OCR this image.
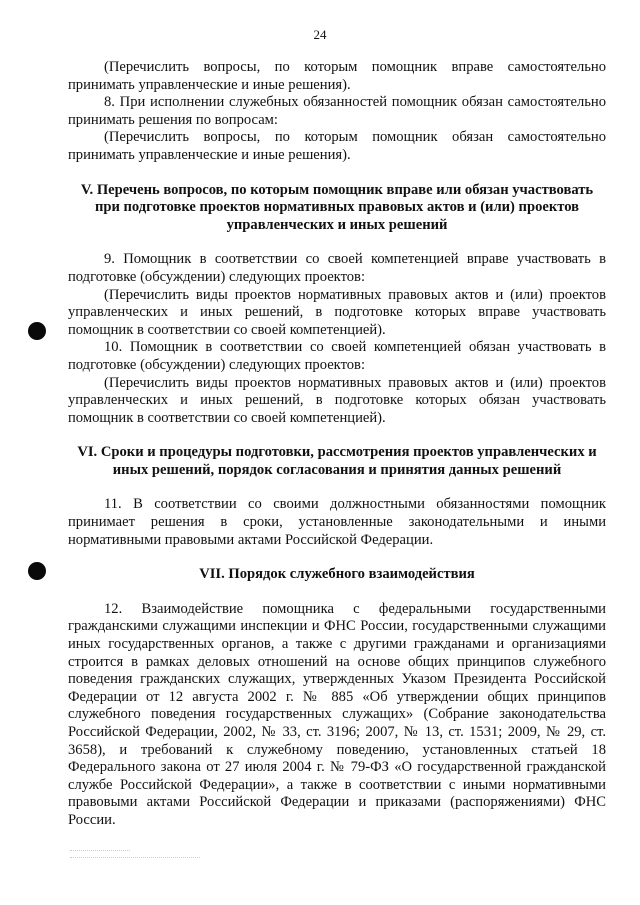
24

(Перечислить вопросы, по которым помощник вправе самостоятельно принимать управленческие и иные решения).

8. При исполнении служебных обязанностей помощник обязан самостоятельно принимать решения по вопросам:

(Перечислить вопросы, по которым помощник обязан самостоятельно принимать управленческие и иные решения).

V. Перечень вопросов, по которым помощник вправе или обязан участвовать при подготовке проектов нормативных правовых актов и (или) проектов управленческих и иных решений

9. Помощник в соответствии со своей компетенцией вправе участвовать в подготовке (обсуждении) следующих проектов:

(Перечислить виды проектов нормативных правовых актов и (или) проектов управленческих и иных решений, в подготовке которых вправе участвовать помощник в соответствии со своей компетенцией).

10. Помощник в соответствии со своей компетенцией обязан участвовать в подготовке (обсуждении) следующих проектов:

(Перечислить виды проектов нормативных правовых актов и (или) проектов управленческих и иных решений, в подготовке которых обязан участвовать помощник в соответствии со своей компетенцией).

VI. Сроки и процедуры подготовки, рассмотрения проектов управленческих и иных решений, порядок согласования и принятия данных решений

11. В соответствии со своими должностными обязанностями помощник принимает решения в сроки, установленные законодательными и иными нормативными правовыми актами Российской Федерации.

VII. Порядок служебного взаимодействия

12. Взаимодействие помощника с федеральными государственными гражданскими служащими инспекции и ФНС России, государственными служащими иных государственных органов, а также с другими гражданами и организациями строится в рамках деловых отношений на основе общих принципов служебного поведения гражданских служащих, утвержденных Указом Президента Российской Федерации от 12 августа 2002 г. № 885 «Об утверждении общих принципов служебного поведения государственных служащих» (Собрание законодательства Российской Федерации, 2002, № 33, ст. 3196; 2007, № 13, ст. 1531; 2009, № 29, ст. 3658), и требований к служебному поведению, установленных статьей 18 Федерального закона от 27 июля 2004 г. № 79-ФЗ «О государственной гражданской службе Российской Федерации», а также в соответствии с иными нормативными правовыми актами Российской Федерации и приказами (распоряжениями) ФНС России.
